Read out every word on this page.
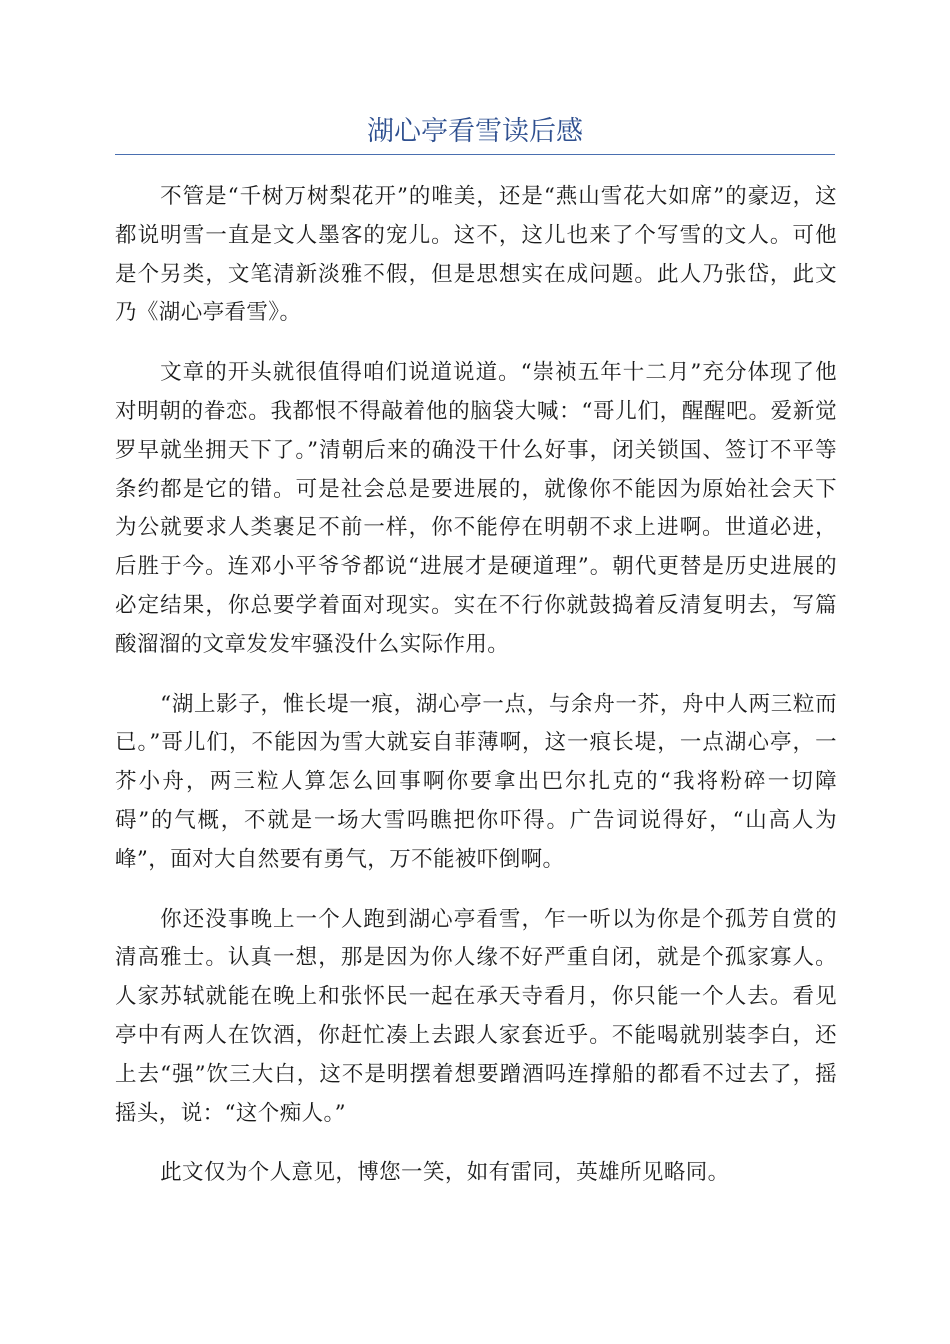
湖心亭看雪读后感

不管是“千树万树梨花开”的唯美，还是“燕山雪花大如席”的豪迈，这都说明雪一直是文人墨客的宠儿。这不，这儿也来了个写雪的文人。可他是个另类，文笔清新淡雅不假，但是思想实在成问题。此人乃张岱，此文乃《湖心亭看雪》。

文章的开头就很值得咱们说道说道。“崇祯五年十二月”充分体现了他对明朝的眷恋。我都恨不得敲着他的脑袋大喊：“哥儿们，醒醒吧。爱新觉罗早就坐拥天下了。”清朝后来的确没干什么好事，闭关锁国、签订不平等条约都是它的错。可是社会总是要进展的，就像你不能因为原始社会天下为公就要求人类裹足不前一样，你不能停在明朝不求上进啊。世道必进，后胜于今。连邓小平爷爷都说“进展才是硬道理”。朝代更替是历史进展的必定结果，你总要学着面对现实。实在不行你就鼓捣着反清复明去，写篇酸溜溜的文章发发牢骚没什么实际作用。

“湖上影子，惟长堤一痕，湖心亭一点，与余舟一芥，舟中人两三粒而已。”哥儿们，不能因为雪大就妄自菲薄啊，这一痕长堤，一点湖心亭，一芥小舟，两三粒人算怎么回事啊你要拿出巴尔扎克的“我将粉碎一切障碍”的气概，不就是一场大雪吗瞧把你吓得。广告词说得好，“山高人为峰”，面对大自然要有勇气，万不能被吓倒啊。

你还没事晚上一个人跑到湖心亭看雪，乍一听以为你是个孤芳自赏的清高雅士。认真一想，那是因为你人缘不好严重自闭，就是个孤家寡人。人家苏轼就能在晚上和张怀民一起在承天寺看月，你只能一个人去。看见亭中有两人在饮酒，你赶忙凑上去跟人家套近乎。不能喝就别装李白，还上去“强”饮三大白，这不是明摆着想要蹭酒吗连撑船的都看不过去了，摇摇头，说：“这个痴人。”

此文仅为个人意见，博您一笑，如有雷同，英雄所见略同。
